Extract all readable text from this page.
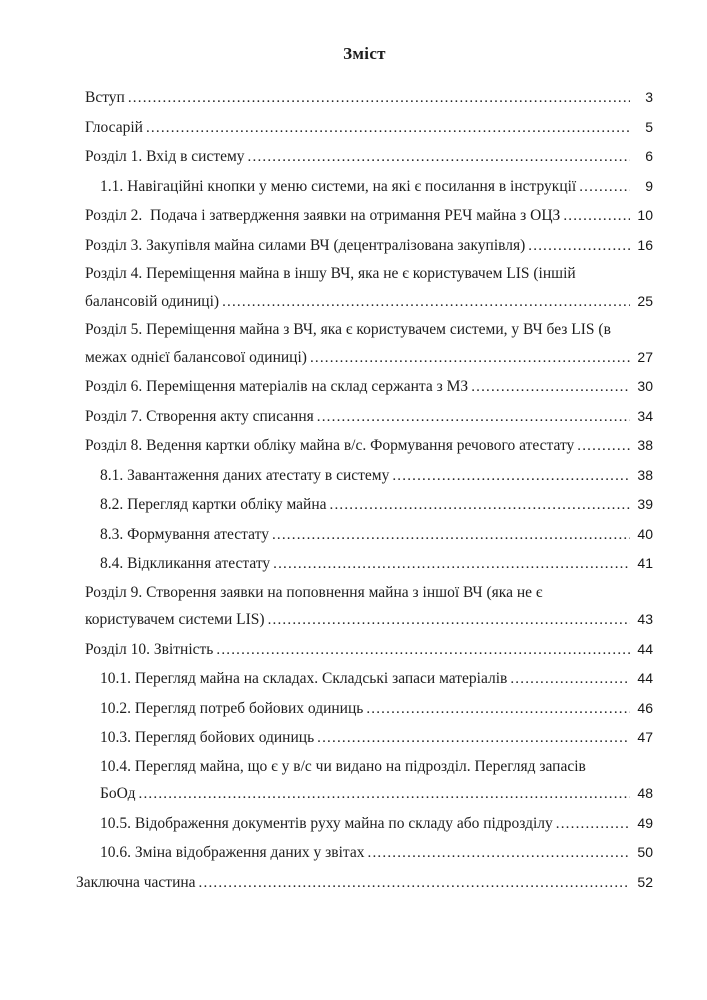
Зміст
Вступ .....	3
Глосарій .....	5
Розділ 1. Вхід в систему .....	6
1.1. Навігаційні кнопки у меню системи, на які є посилання в інструкції .....	9
Розділ 2.  Подача і затвердження заявки на отримання РЕЧ майна з ОЦЗ .....	10
Розділ 3. Закупівля майна силами ВЧ (децентралізована закупівля) .....	16
Розділ 4. Переміщення майна в іншу ВЧ, яка не є користувачем LIS (іншій
балансовій одиниці) .....	25
Розділ 5. Переміщення майна з ВЧ, яка є користувачем системи, у ВЧ без LIS (в
межах однієї балансової одиниці) .....	27
Розділ 6. Переміщення матеріалів на склад сержанта з МЗ .....	30
Розділ 7. Створення акту списання .....	34
Розділ 8. Ведення картки обліку майна в/с. Формування речового атестату .....	38
8.1. Завантаження даних атестату в систему .....	38
8.2. Перегляд картки обліку майна .....	39
8.3. Формування атестату .....	40
8.4. Відкликання атестату .....	41
Розділ 9. Створення заявки на поповнення майна з іншої ВЧ (яка не є
користувачем системи LIS) .....	43
Розділ 10. Звітність .....	44
10.1. Перегляд майна на складах. Складські запаси матеріалів .....	44
10.2. Перегляд потреб бойових одиниць .....	46
10.3. Перегляд бойових одиниць .....	47
10.4. Перегляд майна, що є у в/с чи видано на підрозділ. Перегляд запасів
БоОд .....	48
10.5. Відображення документів руху майна по складу або підрозділу .....	49
10.6. Зміна відображення даних у звітах .....	50
Заключна частина .....	52
